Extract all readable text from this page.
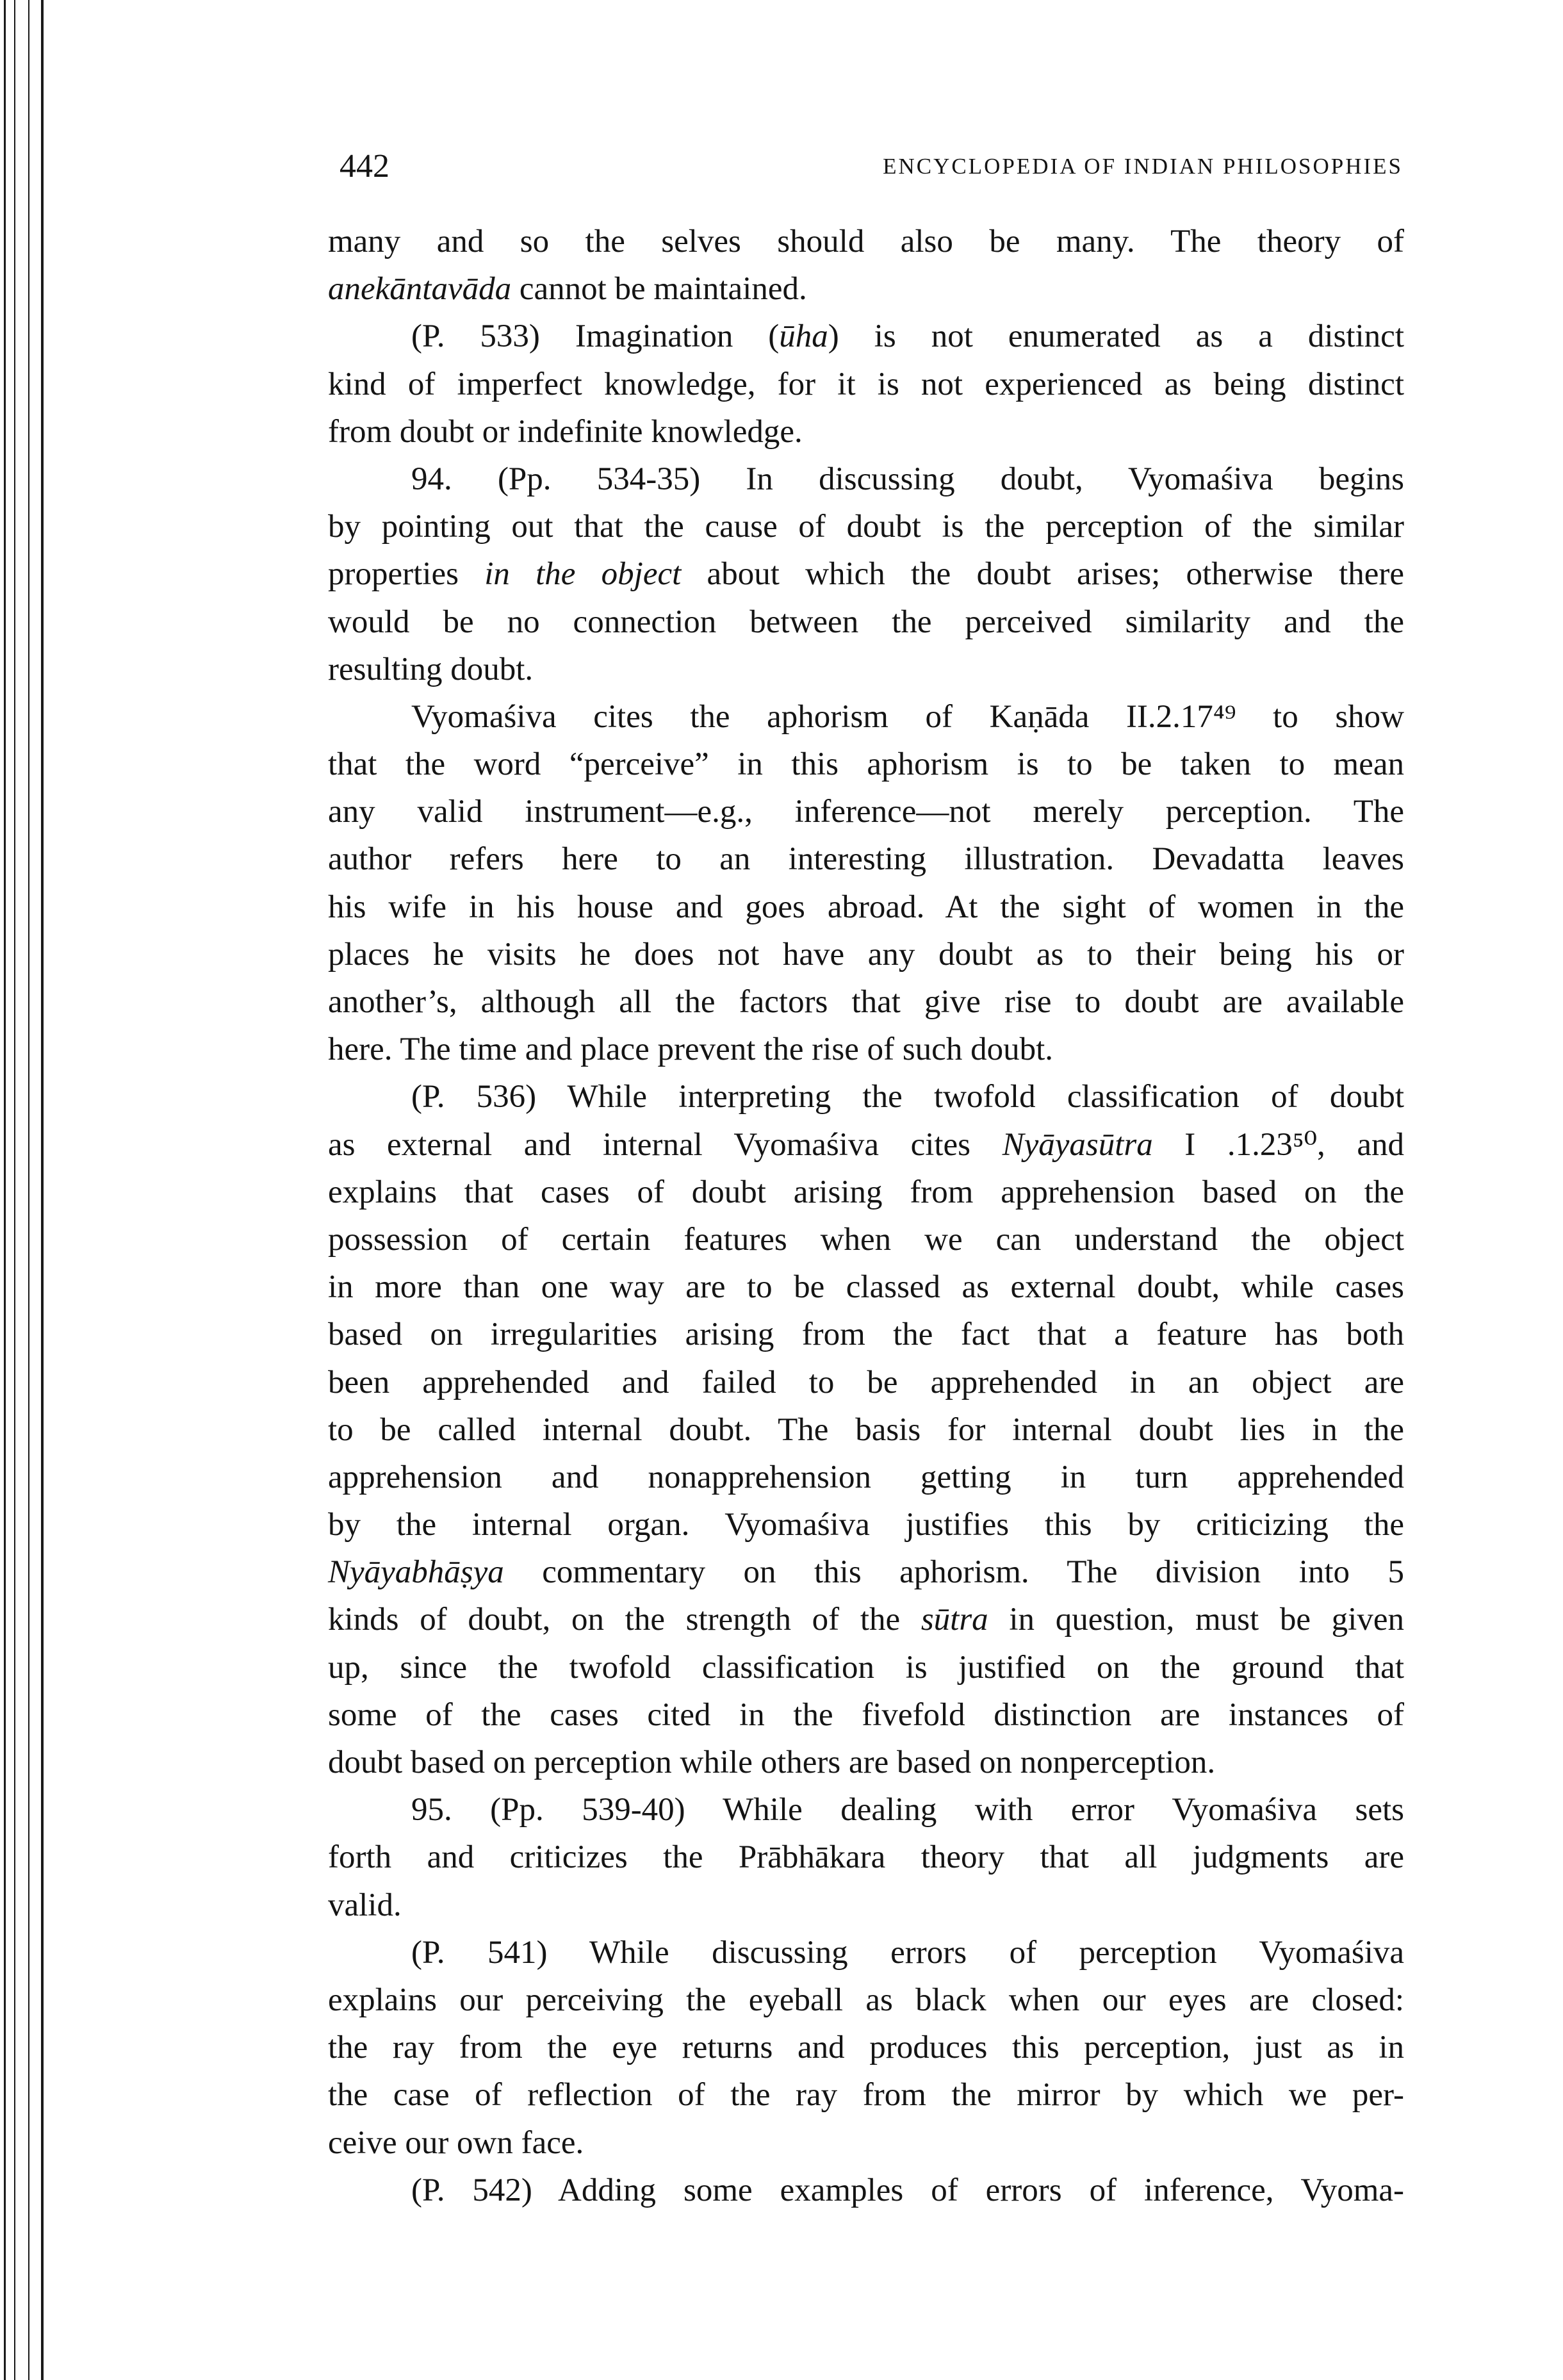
442	ENCYCLOPEDIA OF INDIAN PHILOSOPHIES
many and so the selves should also be many. The theory of
anekāntavāda cannot be maintained.
(P. 533) Imagination (ūha) is not enumerated as a distinct
kind of imperfect knowledge, for it is not experienced as being distinct
from doubt or indefinite knowledge.
94. (Pp. 534-35) In discussing doubt, Vyomaśiva begins
by pointing out that the cause of doubt is the perception of the similar
properties in the object about which the doubt arises; otherwise there
would be no connection between the perceived similarity and the
resulting doubt.
Vyomaśiva cites the aphorism of Kaṇāda II.2.17⁴⁹ to show
that the word “perceive” in this aphorism is to be taken to mean
any valid instrument—e.g., inference—not merely perception. The
author refers here to an interesting illustration. Devadatta leaves
his wife in his house and goes abroad. At the sight of women in the
places he visits he does not have any doubt as to their being his or
another’s, although all the factors that give rise to doubt are available
here. The time and place prevent the rise of such doubt.
(P. 536) While interpreting the twofold classification of doubt
as external and internal Vyomaśiva cites Nyāyasūtra I .1.23⁵⁰, and
explains that cases of doubt arising from apprehension based on the
possession of certain features when we can understand the object
in more than one way are to be classed as external doubt, while cases
based on irregularities arising from the fact that a feature has both
been apprehended and failed to be apprehended in an object are
to be called internal doubt. The basis for internal doubt lies in the
apprehension and nonapprehension getting in turn apprehended
by the internal organ. Vyomaśiva justifies this by criticizing the
Nyāyabhāṣya commentary on this aphorism. The division into 5
kinds of doubt, on the strength of the sūtra in question, must be given
up, since the twofold classification is justified on the ground that
some of the cases cited in the fivefold distinction are instances of
doubt based on perception while others are based on nonperception.
95. (Pp. 539-40) While dealing with error Vyomaśiva sets
forth and criticizes the Prābhākara theory that all judgments are
valid.
(P. 541) While discussing errors of perception Vyomaśiva
explains our perceiving the eyeball as black when our eyes are closed:
the ray from the eye returns and produces this perception, just as in
the case of reflection of the ray from the mirror by which we per-
ceive our own face.
(P. 542) Adding some examples of errors of inference, Vyoma-
